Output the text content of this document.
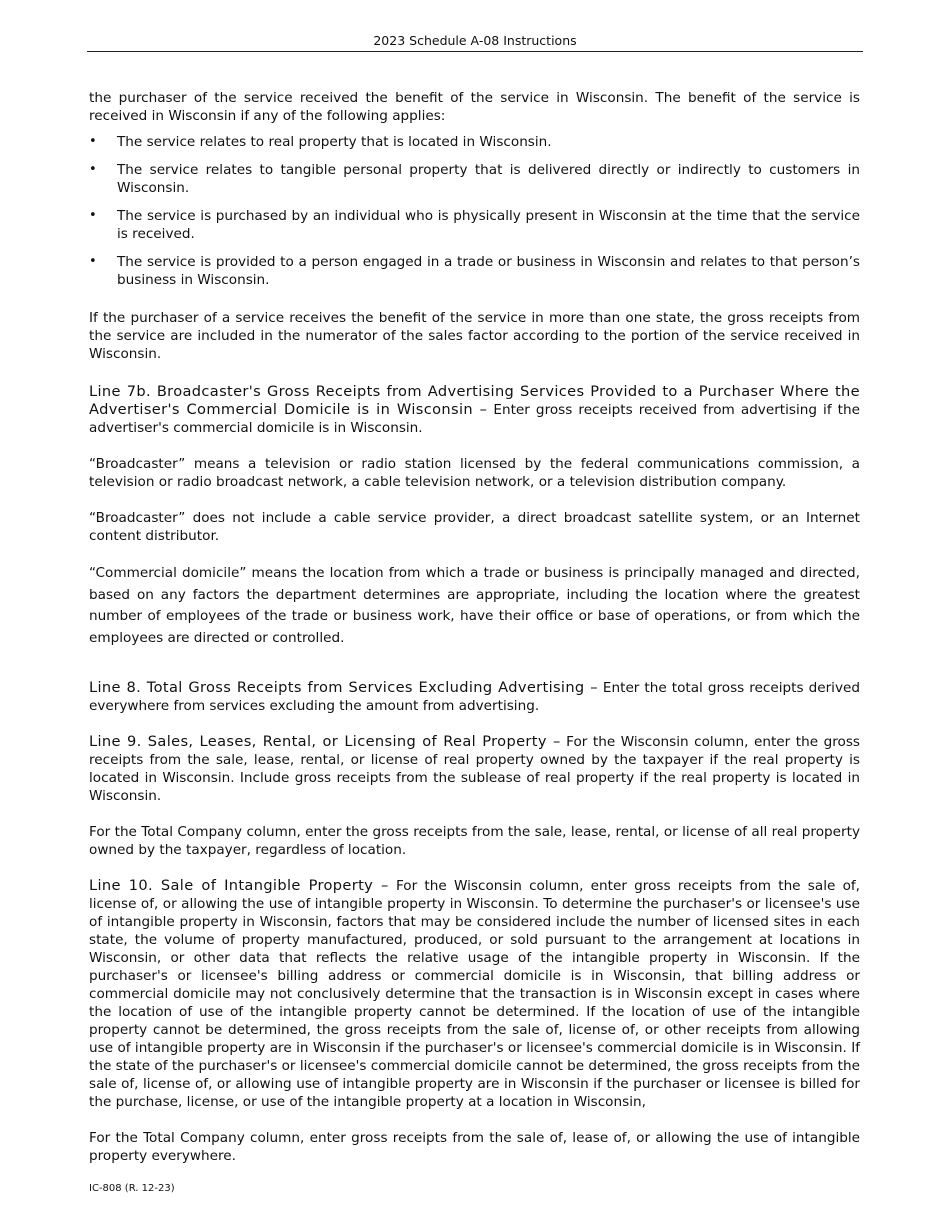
2023 Schedule A-08 Instructions

the purchaser of the service received the benefit of the service in Wisconsin. The benefit of the service is received in Wisconsin if any of the following applies:

• The service relates to real property that is located in Wisconsin.
• The service relates to tangible personal property that is delivered directly or indirectly to customers in Wisconsin.
• The service is purchased by an individual who is physically present in Wisconsin at the time that the service is received.
• The service is provided to a person engaged in a trade or business in Wisconsin and relates to that person’s business in Wisconsin.

If the purchaser of a service receives the benefit of the service in more than one state, the gross receipts from the service are included in the numerator of the sales factor according to the portion of the service received in Wisconsin.

Line 7b. Broadcaster's Gross Receipts from Advertising Services Provided to a Purchaser Where the Advertiser's Commercial Domicile is in Wisconsin – Enter gross receipts received from advertising if the advertiser's commercial domicile is in Wisconsin.

“Broadcaster” means a television or radio station licensed by the federal communications commission, a television or radio broadcast network, a cable television network, or a television distribution company.

“Broadcaster” does not include a cable service provider, a direct broadcast satellite system, or an Internet content distributor.

“Commercial domicile” means the location from which a trade or business is principally managed and directed, based on any factors the department determines are appropriate, including the location where the greatest number of employees of the trade or business work, have their office or base of operations, or from which the employees are directed or controlled.

Line 8. Total Gross Receipts from Services Excluding Advertising – Enter the total gross receipts derived everywhere from services excluding the amount from advertising.

Line 9. Sales, Leases, Rental, or Licensing of Real Property – For the Wisconsin column, enter the gross receipts from the sale, lease, rental, or license of real property owned by the taxpayer if the real property is located in Wisconsin. Include gross receipts from the sublease of real property if the real property is located in Wisconsin.

For the Total Company column, enter the gross receipts from the sale, lease, rental, or license of all real property owned by the taxpayer, regardless of location.

Line 10. Sale of Intangible Property – For the Wisconsin column, enter gross receipts from the sale of, license of, or allowing the use of intangible property in Wisconsin. To determine the purchaser's or licensee's use of intangible property in Wisconsin, factors that may be considered include the number of licensed sites in each state, the volume of property manufactured, produced, or sold pursuant to the arrangement at locations in Wisconsin, or other data that reflects the relative usage of the intangible property in Wisconsin. If the purchaser's or licensee's billing address or commercial domicile is in Wisconsin, that billing address or commercial domicile may not conclusively determine that the transaction is in Wisconsin except in cases where the location of use of the intangible property cannot be determined. If the location of use of the intangible property cannot be determined, the gross receipts from the sale of, license of, or other receipts from allowing use of intangible property are in Wisconsin if the purchaser's or licensee's commercial domicile is in Wisconsin. If the state of the purchaser's or licensee's commercial domicile cannot be determined, the gross receipts from the sale of, license of, or allowing use of intangible property are in Wisconsin if the purchaser or licensee is billed for the purchase, license, or use of the intangible property at a location in Wisconsin,

For the Total Company column, enter gross receipts from the sale of, lease of, or allowing the use of intangible property everywhere.

IC-808 (R. 12-23)
